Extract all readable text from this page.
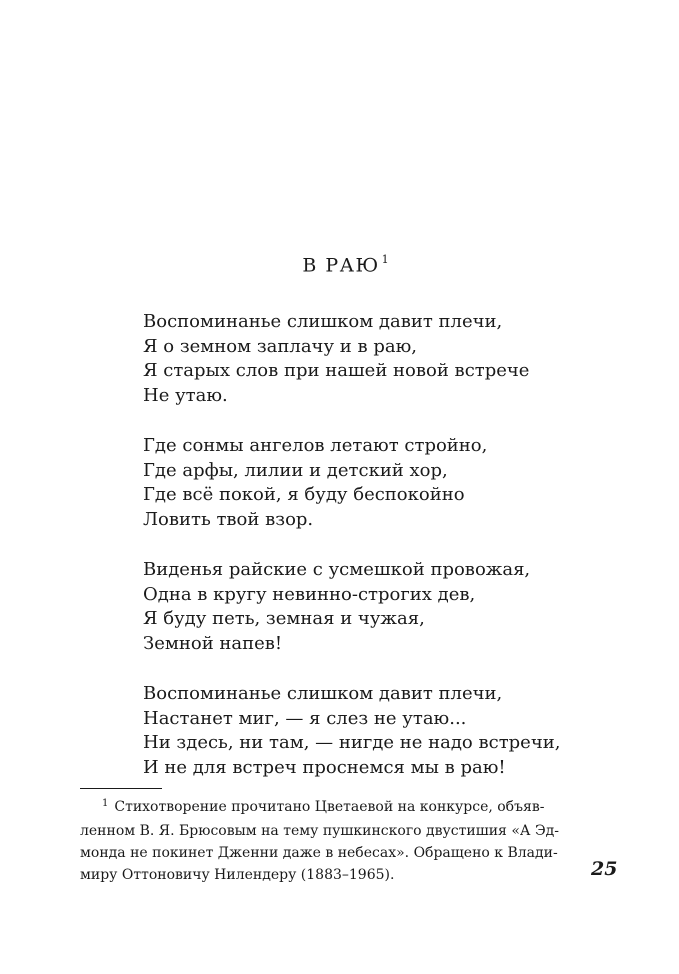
В РАЮ $^1$
Воспоминанье слишком давит плечи,
Я о земном заплачу и в раю,
Я старых слов при нашей новой встрече
Не утаю.
Где сонмы ангелов летают стройно,
Где арфы, лилии и детский хор,
Где всё покой, я буду беспокойно
Ловить твой взор.
Виденья райские с усмешкой провожая,
Одна в кругу невинно-строгих дев,
Я буду петь, земная и чужая,
Земной напев!
Воспоминанье слишком давит плечи,
Настанет миг, — я слез не утаю...
Ни здесь, ни там, — нигде не надо встречи,
И не для встреч проснемся мы в раю!
$^1$ Стихотворение прочитано Цветаевой на конкурсе, объяв-
ленном В. Я. Брюсовым на тему пушкинского двустишия «А Эд-
монда не покинет Дженни даже в небесах». Обращено к Влади-
миру Оттоновичу Нилендеру (1883–1965).	25
